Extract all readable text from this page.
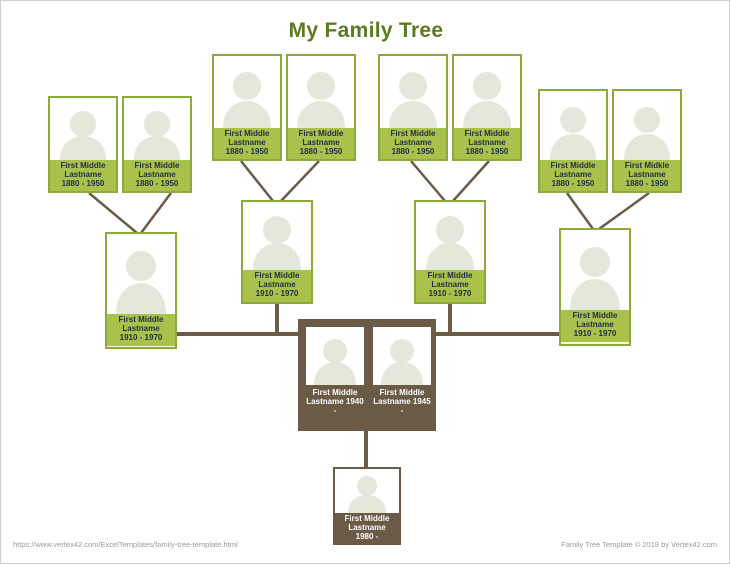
My Family Tree
First Middle
Lastname
1880 - 1950
First Middle
Lastname
1880 - 1950
First Middle
Lastname
1880 - 1950
First Middle
Lastname
1880 - 1950
First Middle
Lastname
1880 - 1950
First Middle
Lastname
1880 - 1950
First Middle
Lastname
1880 - 1950
First Midkle
Lastname
1880 - 1950
First Middle
Lastname
1910 - 1970
First Middle
Lastname
1910 - 1970
First Middle
Lastname
1910 - 1970
First Middle
Lastname
1910 - 1970
First Middle
Lastname 1940 -
First Middle
Lastname 1945 -
First Middle
Lastname
1980 -
https://www.vertex42.com/ExcelTemplates/family-tree-template.html	Family Tree Template © 2018 by Vertex42.com
